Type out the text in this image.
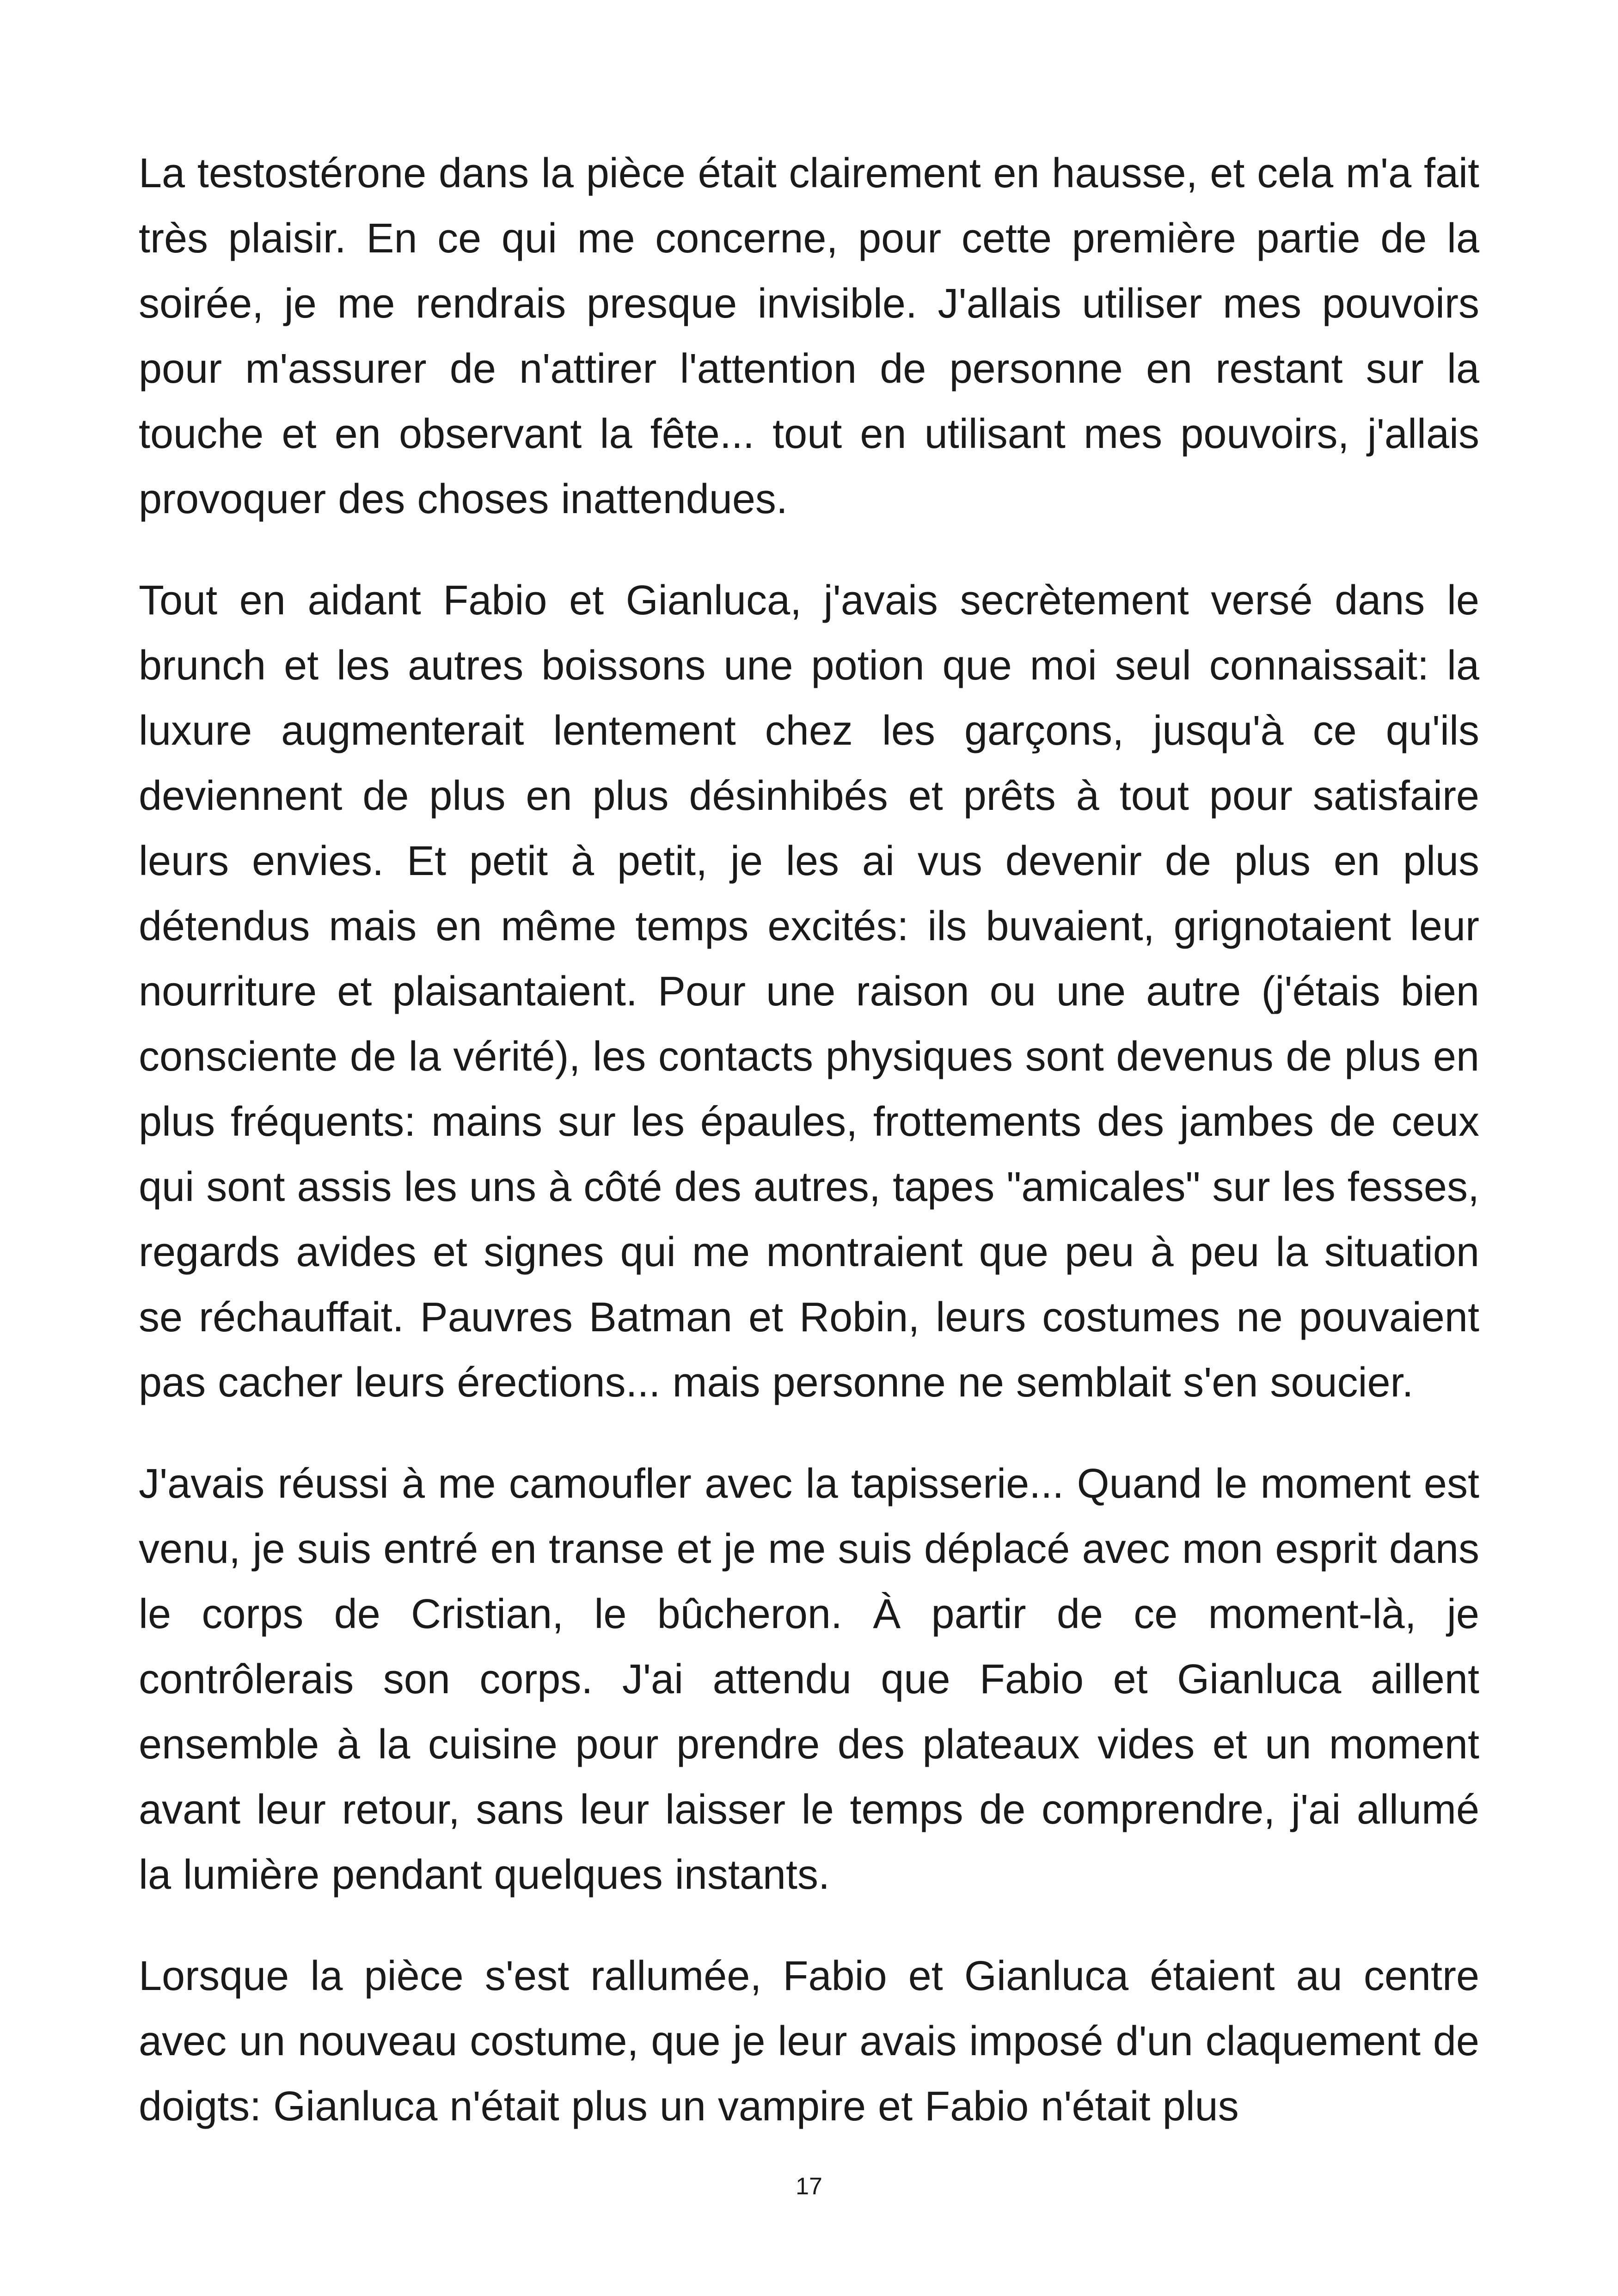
La testostérone dans la pièce était clairement en hausse, et cela m'a fait très plaisir. En ce qui me concerne, pour cette première partie de la soirée, je me rendrais presque invisible. J'allais utiliser mes pouvoirs pour m'assurer de n'attirer l'attention de personne en restant sur la touche et en observant la fête... tout en utilisant mes pouvoirs, j'allais provoquer des choses inattendues.

Tout en aidant Fabio et Gianluca, j'avais secrètement versé dans le brunch et les autres boissons une potion que moi seul connaissait: la luxure augmenterait lentement chez les garçons, jusqu'à ce qu'ils deviennent de plus en plus désinhibés et prêts à tout pour satisfaire leurs envies. Et petit à petit, je les ai vus devenir de plus en plus détendus mais en même temps excités: ils buvaient, grignotaient leur nourriture et plaisantaient. Pour une raison ou une autre (j'étais bien consciente de la vérité), les contacts physiques sont devenus de plus en plus fréquents: mains sur les épaules, frottements des jambes de ceux qui sont assis les uns à côté des autres, tapes "amicales" sur les fesses, regards avides et signes qui me montraient que peu à peu la situation se réchauffait. Pauvres Batman et Robin, leurs costumes ne pouvaient pas cacher leurs érections... mais personne ne semblait s'en soucier.

J'avais réussi à me camoufler avec la tapisserie... Quand le moment est venu, je suis entré en transe et je me suis déplacé avec mon esprit dans le corps de Cristian, le bûcheron. À partir de ce moment-là, je contrôlerais son corps. J'ai attendu que Fabio et Gianluca aillent ensemble à la cuisine pour prendre des plateaux vides et un moment avant leur retour, sans leur laisser le temps de comprendre, j'ai allumé la lumière pendant quelques instants.

Lorsque la pièce s'est rallumée, Fabio et Gianluca étaient au centre avec un nouveau costume, que je leur avais imposé d'un claquement de doigts: Gianluca n'était plus un vampire et Fabio n'était plus

17
